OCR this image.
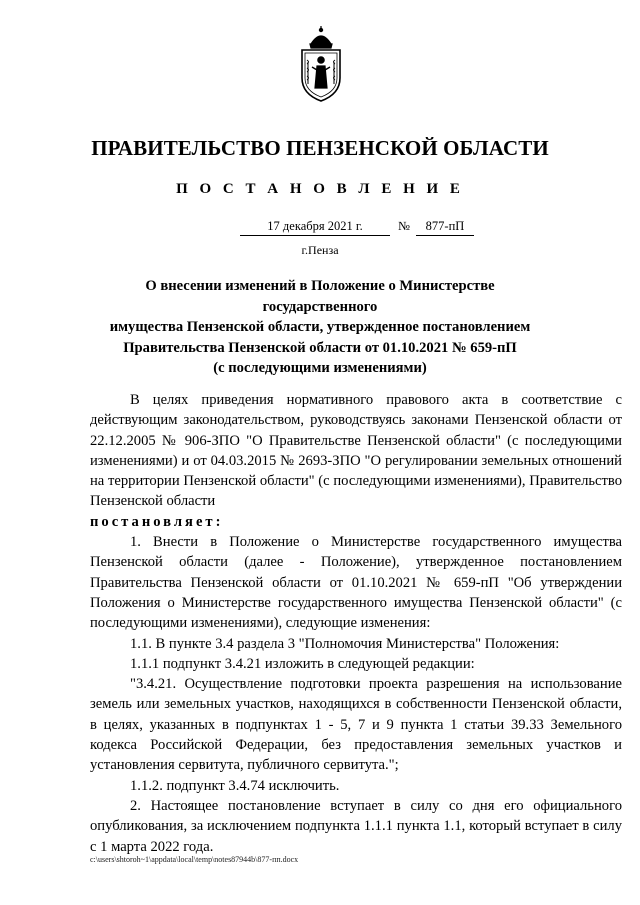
ПРАВИТЕЛЬСТВО ПЕНЗЕНСКОЙ ОБЛАСТИ
П О С Т А Н О В Л Е Н И Е
17 декабря 2021 г.	№	877-пП
г.Пенза
О внесении изменений в Положение о Министерстве государственного
имущества Пензенской области, утвержденное постановлением
Правительства Пензенской области от 01.10.2021 № 659-пП
(с последующими изменениями)

В целях приведения нормативного правового акта в соответствие с действующим законодательством, руководствуясь законами Пензенской области от 22.12.2005 № 906-ЗПО "О Правительстве Пензенской области" (с последующими изменениями) и от 04.03.2015 № 2693-ЗПО "О регулировании земельных отношений на территории Пензенской области" (с последующими изменениями), Правительство Пензенской области

постановляет:

1. Внести в Положение о Министерстве государственного имущества Пензенской области (далее - Положение), утвержденное постановлением Правительства Пензенской области от 01.10.2021 № 659-пП "Об утверждении Положения о Министерстве государственного имущества Пензенской области" (с последующими изменениями), следующие изменения:

1.1. В пункте 3.4 раздела 3 "Полномочия Министерства" Положения:

1.1.1 подпункт 3.4.21 изложить в следующей редакции:

"3.4.21. Осуществление подготовки проекта разрешения на использование земель или земельных участков, находящихся в собственности Пензенской области, в целях, указанных в подпунктах 1 - 5, 7 и 9 пункта 1 статьи 39.33 Земельного кодекса Российской Федерации, без предоставления земельных участков и установления сервитута, публичного сервитута.";

1.1.2. подпункт 3.4.74 исключить.

2. Настоящее постановление вступает в силу со дня его официального опубликования, за исключением подпункта 1.1.1 пункта 1.1, который вступает в силу с 1 марта 2022 года.

c:\users\shtoroh~1\appdata\local\temp\notes87944b\877-пп.docx
